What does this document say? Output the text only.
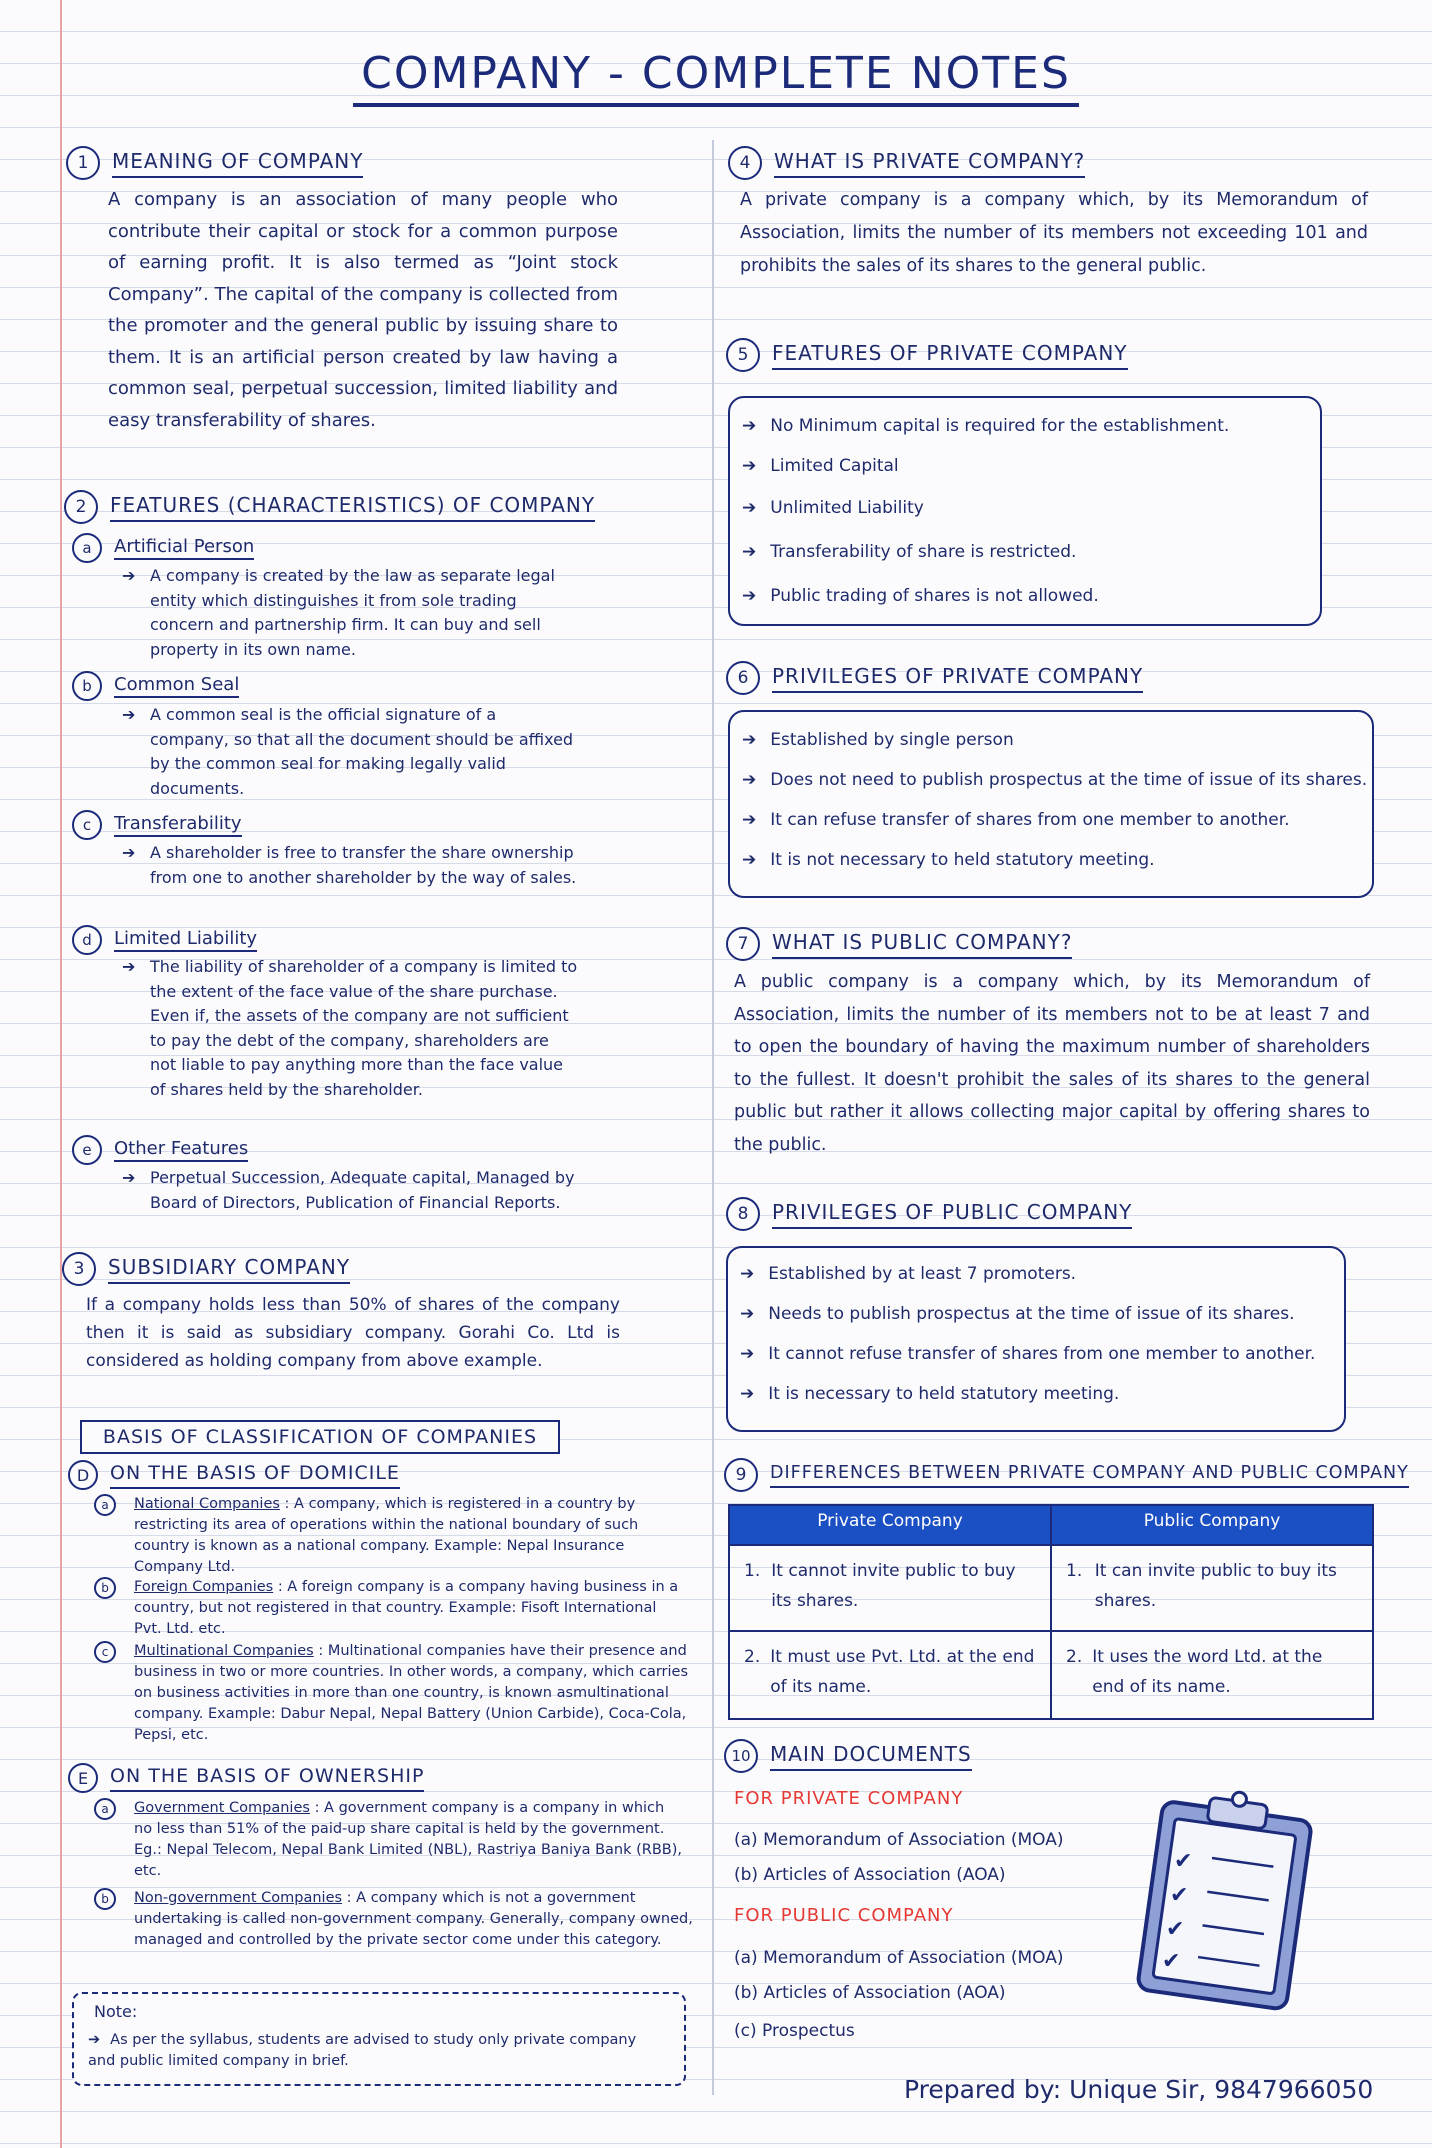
COMPANY - COMPLETE NOTES
1	MEANING OF COMPANY
A company is an association of many people who contribute their capital or stock for a common purpose of earning profit. It is also termed as “Joint stock Company”. The capital of the company is collected from the promoter and the general public by issuing share to them. It is an artificial person created by law having a common seal, perpetual succession, limited liability and easy transferability of shares.
2	FEATURES (CHARACTERISTICS) OF COMPANY
a	Artificial Person
➔ A company is created by the law as separate legal entity which distinguishes it from sole trading concern and partnership firm. It can buy and sell property in its own name.
b	Common Seal
➔ A common seal is the official signature of a company, so that all the document should be affixed by the common seal for making legally valid documents.
c	Transferability
➔ A shareholder is free to transfer the share ownership from one to another shareholder by the way of sales.
d	Limited Liability
➔ The liability of shareholder of a company is limited to the extent of the face value of the share purchase. Even if, the assets of the company are not sufficient to pay the debt of the company, shareholders are not liable to pay anything more than the face value of shares held by the shareholder.
e	Other Features
➔ Perpetual Succession, Adequate capital, Managed by Board of Directors, Publication of Financial Reports.
3	SUBSIDIARY COMPANY
If a company holds less than 50% of shares of the company then it is said as subsidiary company. Gorahi Co. Ltd is considered as holding company from above example.
BASIS OF CLASSIFICATION OF COMPANIES
D	ON THE BASIS OF DOMICILE
a	National Companies : A company, which is registered in a country by restricting its area of operations within the national boundary of such country is known as a national company. Example: Nepal Insurance Company Ltd.
b	Foreign Companies : A foreign company is a company having business in a country, but not registered in that country. Example: Fisoft International Pvt. Ltd. etc.
c	Multinational Companies : Multinational companies have their presence and business in two or more countries. In other words, a company, which carries on business activities in more than one country, is known asmultinational company. Example: Dabur Nepal, Nepal Battery (Union Carbide), Coca-Cola, Pepsi, etc.
E	ON THE BASIS OF OWNERSHIP
a	Government Companies : A government company is a company in which no less than 51% of the paid-up share capital is held by the government. Eg.: Nepal Telecom, Nepal Bank Limited (NBL), Rastriya Baniya Bank (RBB), etc.
b	Non-government Companies : A company which is not a government undertaking is called non-government company. Generally, company owned, managed and controlled by the private sector come under this category.
Note:
➔ As per the syllabus, students are advised to study only private company and public limited company in brief.
4	WHAT IS PRIVATE COMPANY?
A private company is a company which, by its Memorandum of Association, limits the number of its members not exceeding 101 and prohibits the sales of its shares to the general public.
5	FEATURES OF PRIVATE COMPANY
➔ No Minimum capital is required for the establishment.
➔ Limited Capital
➔ Unlimited Liability
➔ Transferability of share is restricted.
➔ Public trading of shares is not allowed.
6	PRIVILEGES OF PRIVATE COMPANY
➔ Established by single person
➔ Does not need to publish prospectus at the time of issue of its shares.
➔ It can refuse transfer of shares from one member to another.
➔ It is not necessary to held statutory meeting.
7	WHAT IS PUBLIC COMPANY?
A public company is a company which, by its Memorandum of Association, limits the number of its members not to be at least 7 and to open the boundary of having the maximum number of shareholders to the fullest. It doesn't prohibit the sales of its shares to the general public but rather it allows collecting major capital by offering shares to the public.
8	PRIVILEGES OF PUBLIC COMPANY
➔ Established by at least 7 promoters.
➔ Needs to publish prospectus at the time of issue of its shares.
➔ It cannot refuse transfer of shares from one member to another.
➔ It is necessary to held statutory meeting.
9	DIFFERENCES BETWEEN PRIVATE COMPANY AND PUBLIC COMPANY
Private Company	Public Company

1. It cannot invite public to buy its shares.	1. It can invite public to buy its shares.

2. It must use Pvt. Ltd. at the end of its name.	2. It uses the word Ltd. at the end of its name.
10 MAIN DOCUMENTS
FOR PRIVATE COMPANY
(a) Memorandum of Association (MOA)
(b) Articles of Association (AOA)
FOR PUBLIC COMPANY
(a) Memorandum of Association (MOA)
(b) Articles of Association (AOA)
(c) Prospectus
✔
✔
✔
✔
Prepared by: Unique Sir, 9847966050
